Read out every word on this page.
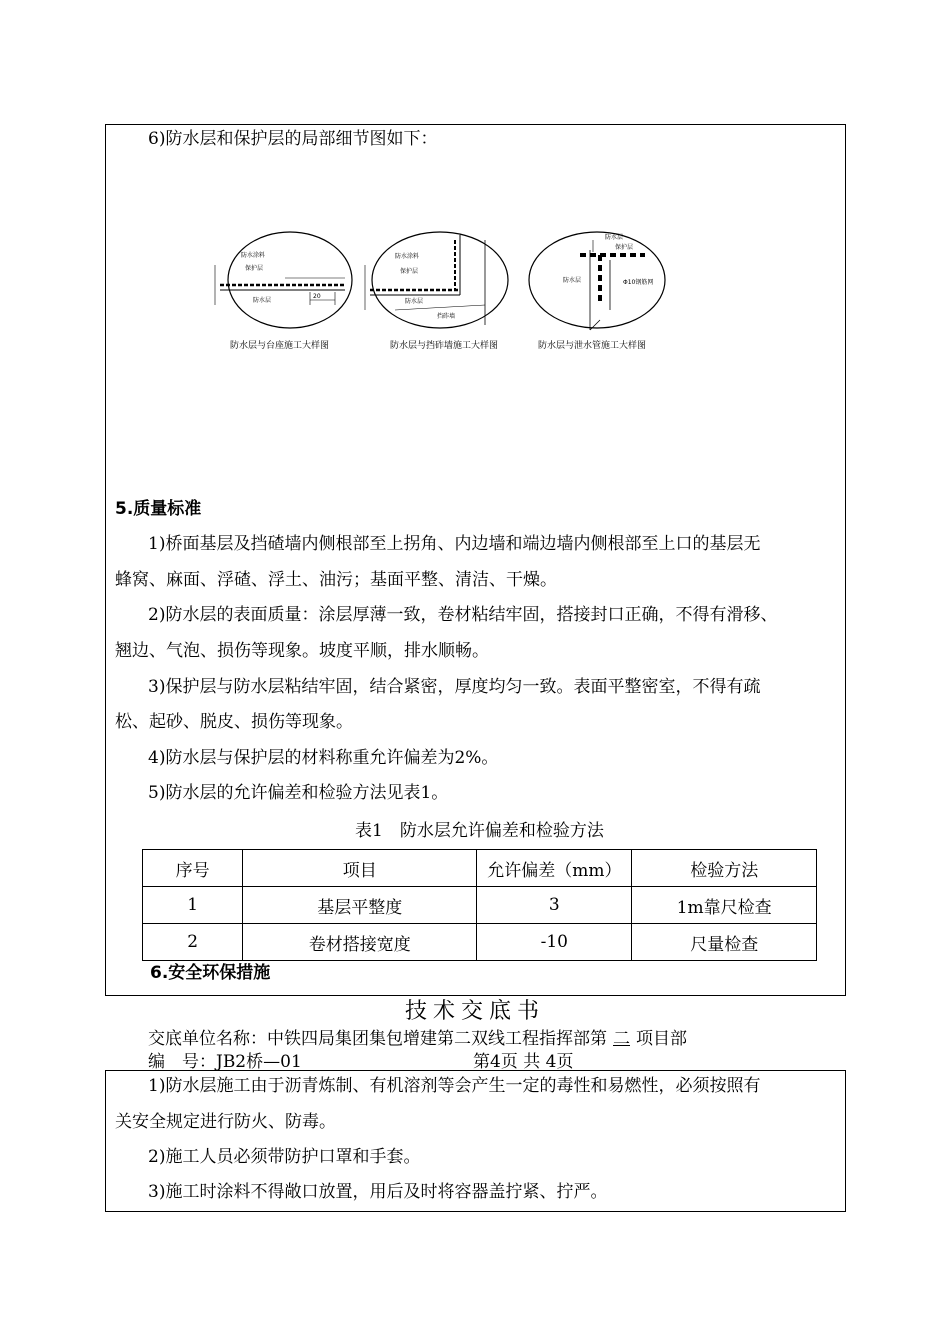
6)防水层和保护层的局部细节图如下：
防水涂料
保护层
防水层
20
防水层与台座施工大样图
防水涂料
保护层
防水层
挡砟墙
防水层与挡砟墙施工大样图
防水层
保护层
防水层	Φ10钢筋网
防水层与泄水管施工大样图
5.质量标准
1)桥面基层及挡碴墙内侧根部至上拐角、内边墙和端边墙内侧根部至上口的基层无
蜂窝、麻面、浮碴、浮土、油污；基面平整、清洁、干燥。
2)防水层的表面质量：涂层厚薄一致，卷材粘结牢固，搭接封口正确，不得有滑移、
翘边、气泡、损伤等现象。坡度平顺，排水顺畅。
3)保护层与防水层粘结牢固，结合紧密，厚度均匀一致。表面平整密室，不得有疏
松、起砂、脱皮、损伤等现象。
4)防水层与保护层的材料称重允许偏差为2%。
5)防水层的允许偏差和检验方法见表1。
表1　防水层允许偏差和检验方法
序号	项目	允许偏差（mm）	检验方法
1	基层平整度	3	1m靠尺检查
2	卷材搭接宽度	-10	尺量检查
6.安全环保措施
技术交底书
交底单位名称：中铁四局集团集包增建第二双线工程指挥部第 二 项目部
编　号：JB2桥—01	第4页 共 4页
1)防水层施工由于沥青炼制、有机溶剂等会产生一定的毒性和易燃性，必须按照有
关安全规定进行防火、防毒。
2)施工人员必须带防护口罩和手套。
3)施工时涂料不得敞口放置，用后及时将容器盖拧紧、拧严。
